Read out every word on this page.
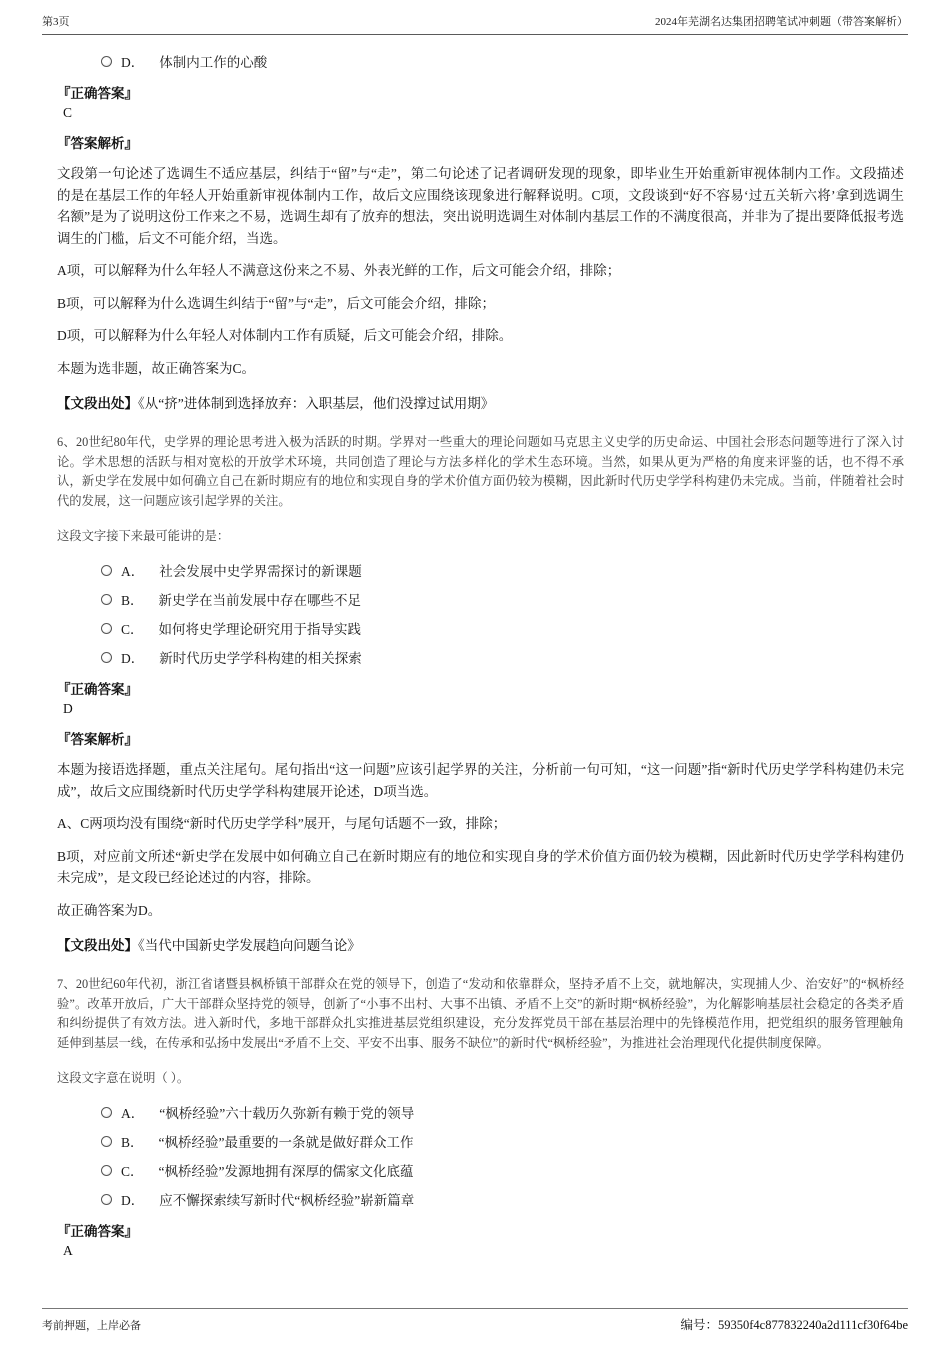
第3页	2024年芜湖名达集团招聘笔试冲刺题（带答案解析）
D． 体制内工作的心酸
『正确答案』
C
『答案解析』

文段第一句论述了选调生不适应基层，纠结于“留”与“走”，第二句论述了记者调研发现的现象，即毕业生开始重新审视体制内工作。文段描述的是在基层工作的年轻人开始重新审视体制内工作，故后文应围绕该现象进行解释说明。C项，文段谈到“好不容易‘过五关斩六将’拿到选调生名额”是为了说明这份工作来之不易，选调生却有了放弃的想法，突出说明选调生对体制内基层工作的不满度很高，并非为了提出要降低报考选调生的门槛，后文不可能介绍，当选。

A项，可以解释为什么年轻人不满意这份来之不易、外表光鲜的工作，后文可能会介绍，排除；

B项，可以解释为什么选调生纠结于“留”与“走”，后文可能会介绍，排除；

D项，可以解释为什么年轻人对体制内工作有质疑，后文可能会介绍，排除。

本题为选非题，故正确答案为C。

【文段出处】《从“挤”进体制到选择放弃：入职基层，他们没撑过试用期》

6、20世纪80年代，史学界的理论思考进入极为活跃的时期。学界对一些重大的理论问题如马克思主义史学的历史命运、中国社会形态问题等进行了深入讨论。学术思想的活跃与相对宽松的开放学术环境，共同创造了理论与方法多样化的学术生态环境。当然，如果从更为严格的角度来评鉴的话，也不得不承认，新史学在发展中如何确立自己在新时期应有的地位和实现自身的学术价值方面仍较为模糊，因此新时代历史学学科构建仍未完成。当前，伴随着社会时代的发展，这一问题应该引起学界的关注。

这段文字接下来最可能讲的是：

A． 社会发展中史学界需探讨的新课题
B． 新史学在当前发展中存在哪些不足
C． 如何将史学理论研究用于指导实践
D． 新时代历史学学科构建的相关探索
『正确答案』
D
『答案解析』

本题为接语选择题，重点关注尾句。尾句指出“这一问题”应该引起学界的关注，分析前一句可知，“这一问题”指“新时代历史学学科构建仍未完成”，故后文应围绕新时代历史学学科构建展开论述，D项当选。

A、C两项均没有围绕“新时代历史学学科”展开，与尾句话题不一致，排除；

B项，对应前文所述“新史学在发展中如何确立自己在新时期应有的地位和实现自身的学术价值方面仍较为模糊，因此新时代历史学学科构建仍未完成”，是文段已经论述过的内容，排除。

故正确答案为D。

【文段出处】《当代中国新史学发展趋向问题刍论》

7、20世纪60年代初，浙江省诸暨县枫桥镇干部群众在党的领导下，创造了“发动和依靠群众，坚持矛盾不上交，就地解决，实现捕人少、治安好”的“枫桥经验”。改革开放后，广大干部群众坚持党的领导，创新了“小事不出村、大事不出镇、矛盾不上交”的新时期“枫桥经验”，为化解影响基层社会稳定的各类矛盾和纠纷提供了有效方法。进入新时代，多地干部群众扎实推进基层党组织建设，充分发挥党员干部在基层治理中的先锋模范作用，把党组织的服务管理触角延伸到基层一线，在传承和弘扬中发展出“矛盾不上交、平安不出事、服务不缺位”的新时代“枫桥经验”，为推进社会治理现代化提供制度保障。

这段文字意在说明（ ）。

A． “枫桥经验”六十载历久弥新有赖于党的领导
B． “枫桥经验”最重要的一条就是做好群众工作
C． “枫桥经验”发源地拥有深厚的儒家文化底蕴
D． 应不懈探索续写新时代“枫桥经验”崭新篇章
『正确答案』
A
考前押题，上岸必备	编号：59350f4c877832240a2d111cf30f64be
